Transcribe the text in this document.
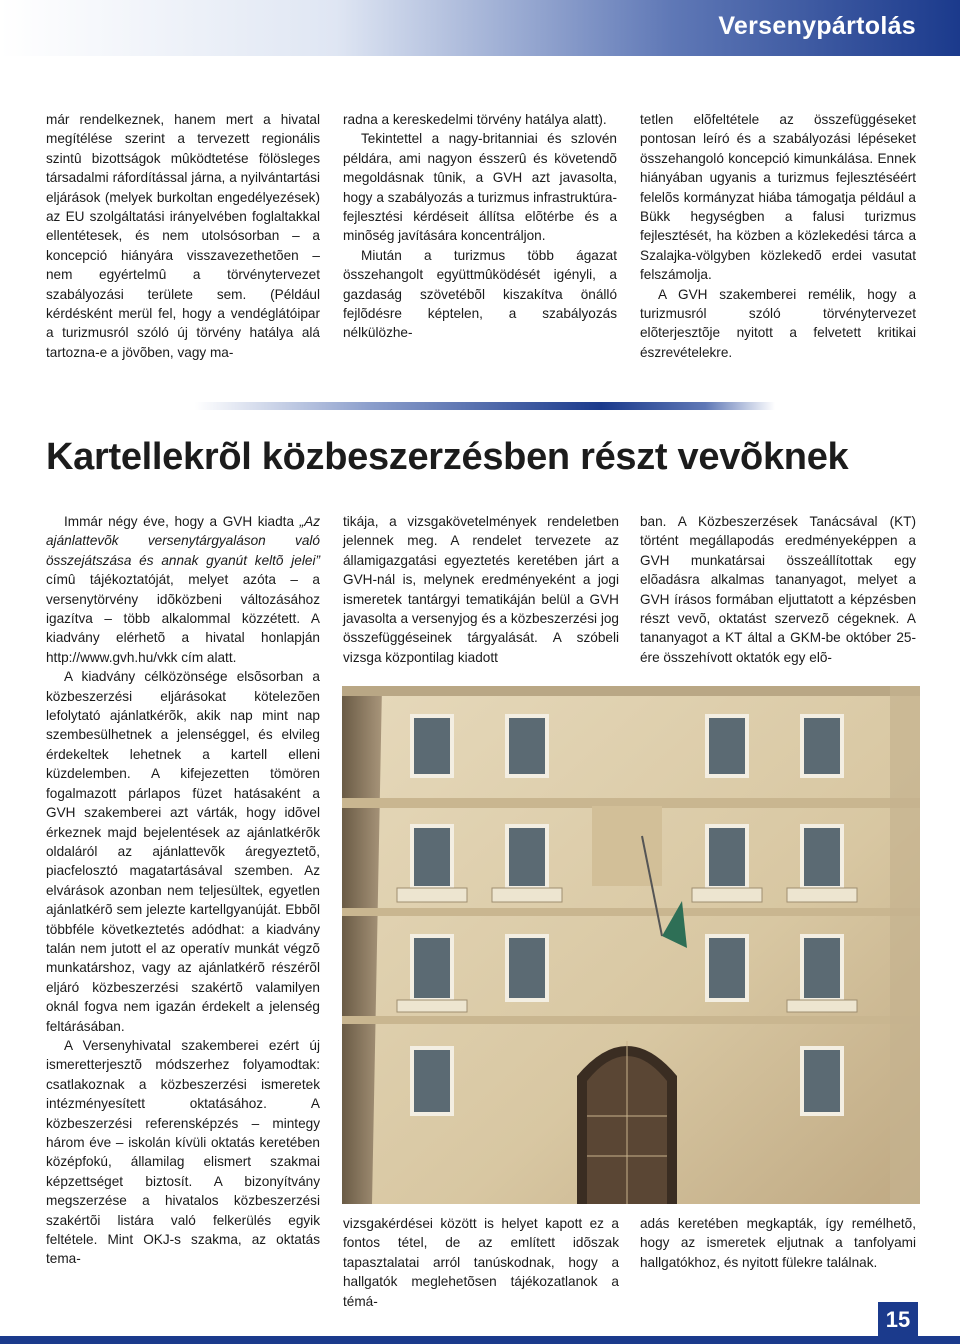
Versenypártolás

már rendelkeznek, hanem mert a hivatal megítélése szerint a tervezett regionális szintû bizottságok mûködtetése fölösleges társadalmi ráfordítással járna, a nyilvántartási eljárások (melyek burkoltan engedélyezések) az EU szolgáltatási irányelvében foglaltakkal ellentétesek, és nem utolsósorban – a koncepció hiányára visszavezethetõen – nem egyértelmû a törvénytervezet szabályozási területe sem. (Például kérdésként merül fel, hogy a vendéglátóipar a turizmusról szóló új törvény hatálya alá tartozna-e a jövõben, vagy ma-

radna a kereskedelmi törvény hatálya alatt).

Tekintettel a nagy-britanniai és szlovén példára, ami nagyon ésszerû és követendõ megoldásnak tûnik, a GVH azt javasolta, hogy a szabályozás a turizmus infrastruktúra-fejlesztési kérdéseit állítsa elõtérbe és a minõség javítására koncentráljon.

Miután a turizmus több ágazat összehangolt együttmûködését igényli, a gazdaság szövetébõl kiszakítva önálló fejlõdésre képtelen, a szabályozás nélkülözhe-

tetlen elõfeltétele az összefüggéseket pontosan leíró és a szabályozási lépéseket összehangoló koncepció kimunkálása. Ennek hiányában ugyanis a turizmus fejlesztéséért felelõs kormányzat hiába támogatja például a Bükk hegységben a falusi turizmus fejlesztését, ha közben a közlekedési tárca a Szalajka-völgyben közlekedõ erdei vasutat felszámolja.

A GVH szakemberei remélik, hogy a turizmusról szóló törvénytervezet elõterjesztõje nyitott a felvetett kritikai észrevételekre.

Kartellekrõl közbeszerzésben részt vevõknek

Immár négy éve, hogy a GVH kiadta „Az ajánlattevõk versenytárgyaláson való összejátszása és annak gyanút keltõ jelei” címû tájékoztatóját, melyet azóta – a versenytörvény idõközbeni változásához igazítva – több alkalommal közzétett. A kiadvány elérhetõ a hivatal honlapján http://www.gvh.hu/vkk cím alatt.

A kiadvány célközönsége elsõsorban a közbeszerzési eljárásokat kötelezõen lefolytató ajánlatkérõk, akik nap mint nap szembesülhetnek a jelenséggel, és elvileg érdekeltek lehetnek a kartell elleni küzdelemben. A kifejezetten tömören fogalmazott párlapos füzet hatásaként a GVH szakemberei azt várták, hogy idõvel érkeznek majd bejelentések az ajánlatkérõk oldaláról az ajánlattevõk áregyeztetõ, piacfelosztó magatartásával szemben. Az elvárások azonban nem teljesültek, egyetlen ajánlatkérõ sem jelezte kartellgyanúját. Ebbõl többféle következtetés adódhat: a kiadvány talán nem jutott el az operatív munkát végzõ munkatárshoz, vagy az ajánlatkérõ részérõl eljáró közbeszerzési szakértõ valamilyen oknál fogva nem igazán érdekelt a jelenség feltárásában.

A Versenyhivatal szakemberei ezért új ismeretterjesztõ módszerhez folyamodtak: csatlakoznak a közbeszerzési ismeretek intézményesített oktatásához. A közbeszerzési referensképzés – mintegy három éve – iskolán kívüli oktatás keretében középfokú, államilag elismert szakmai képzettséget biztosít. A bizonyítvány megszerzése a hivatalos közbeszerzési szakértõi listára való felkerülés egyik feltétele. Mint OKJ-s szakma, az oktatás tema-

tikája, a vizsgakövetelmények rendeletben jelennek meg. A rendelet tervezete az államigazgatási egyeztetés keretében járt a GVH-nál is, melynek eredményeként a jogi ismeretek tantárgyi tematikáján belül a GVH javasolta a versenyjog és a közbeszerzési jog összefüggéseinek tárgyalását. A szóbeli vizsga központilag kiadott

ban. A Közbeszerzések Tanácsával (KT) történt megállapodás eredményeképpen a GVH munkatársai összeállítottak egy elõadásra alkalmas tananyagot, melyet a GVH írásos formában eljuttatott a képzésben részt vevõ, oktatást szervezõ cégeknek. A tananyagot a KT által a GKM-be október 25-ére összehívott oktatók egy elõ-

vizsgakérdései között is helyet kapott ez a fontos tétel, de az említett idõszak tapasztalatai arról tanúskodnak, hogy a hallgatók meglehetõsen tájékozatlanok a témá-

adás keretében megkapták, így remélhetõ, hogy az ismeretek eljutnak a tanfolyami hallgatókhoz, és nyitott fülekre találnak.

15
